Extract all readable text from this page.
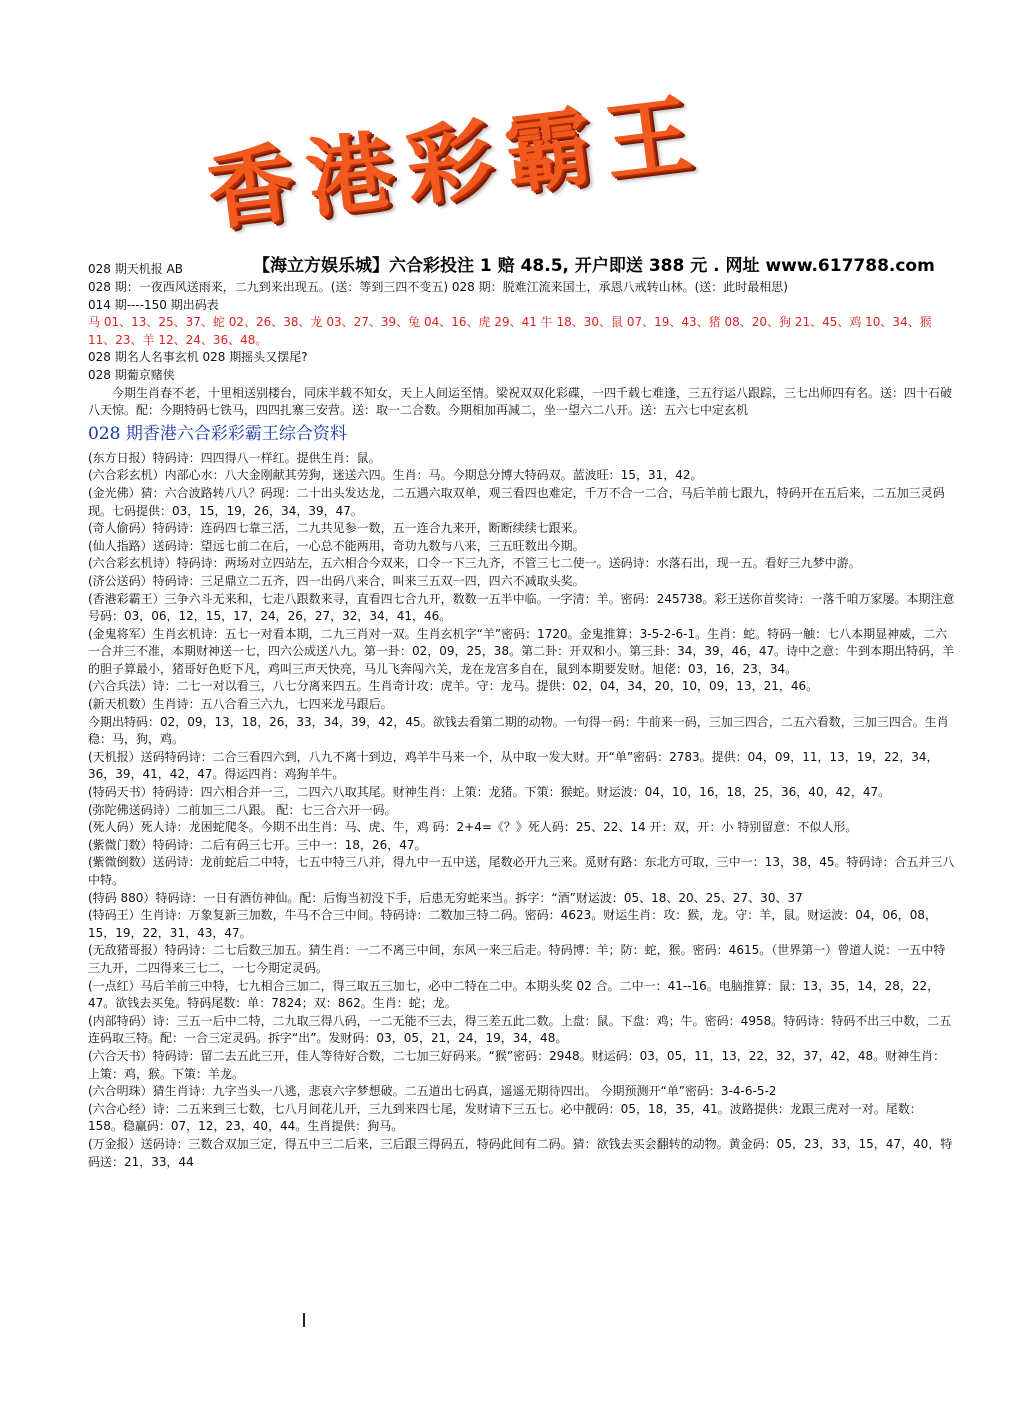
香港彩霸王
028 期天机报 AB	【海立方娱乐城】六合彩投注 1 赔 48.5, 开户即送 388 元 . 网址 www.617788.com

028 期：一夜西风送雨来，二九到来出现五。(送：等到三四不变五) 028 期：脱难江流来国土，承恩八戒转山林。(送：此时最相思)

014 期----150 期出码表

马 01、13、25、37、蛇 02、26、38、龙 03、27、39、兔 04、16、虎 29、41 牛 18、30、鼠 07、19、43、猪 08、20、狗 21、45、鸡 10、34、猴 11、23、羊 12、24、36、48。

028 期名人名事玄机 028 期摇头又摆尾?

028 期葡京赌侠

今期生肖春不老，十里相送别楼台，同床半载不知女，天上人间运至情。梁祝双双化彩碟，一四千载七难逢，三五行运八跟踪，三七出师四有名。送：四十石破八天惊。配：今期特码七铁马，四四扎寨三安营。送：取一二合数。今期相加再减二，坐一望六二八开。送：五六七中定玄机

028 期香港六合彩彩霸王综合资料

(东方日报）特码诗：四四得八一样红。提供生肖：鼠。

(六合彩玄机）内部心水：八大金刚献其劳狗，迷送六四。生肖：马。今期总分博大特码双。蓝波旺：15，31，42。

(金光佛）猜：六合波路转八八？码现：二十出头发达龙，二五遇六取双单，观三看四也难定，千万不合一二合，马后羊前七跟九，特码开在五后来，二五加三灵码现。七码提供：03，15，19，26，34，39，47。

(奇人偷码）特码诗：连码四七靠三活，二九共见参一数，五一连合九来开，断断续续七跟来。

(仙人指路）送码诗：望远七前二在后，一心总不能两用，奇功九数与八来，三五旺数出今期。

(六合彩玄机诗）特码诗：两场对立四站左，五六相合今双来，口令一下三九齐，不管三七二使一。送码诗：水落石出，现一五。看好三九梦中游。

(济公送码）特码诗：三足鼎立二五齐，四一出码八来合，叫来三五双一四，四六不减取头奖。

(香港彩霸王）三争六斗无来和，七走八跟数来寻，直看四七合九开，数数一五半中临。一字清：羊。密码：245738。彩王送你首奖诗：一落千咱万家屡。本期注意号码：03，06，12，15，17，24，26，27，32，34，41，46。

(金鬼将军）生肖玄机诗：五七一对看本期，二九三肖对一双。生肖玄机字“羊”密码：1720。金鬼推算：3-5-2-6-1。生肖：蛇。特码一触：七八本期显神威，二六一合并三不准，本期财神送一七，四六公成送八九。第一卦：02，09，25，38。第二卦：开双和小。第三卦：34，39，46，47。诗中之意：牛到本期出特码，羊的胆子算最小，猪哥好色贬下凡，鸡叫三声天快亮，马儿飞奔闯六关，龙在龙宫多自在，鼠到本期要发财。旭佬：03，16，23，34。

(六合兵法）诗：二七一对以看三，八七分离来四五。生肖奇计攻：虎羊。守：龙马。提供：02，04，34，20，10，09，13，21，46。

(新天机数）生肖诗：五八合看三六九，七四来龙马跟后。

今期出特码：02，09，13，18，26，33，34，39，42，45。欲钱去看第二期的动物。一句得一码：牛前来一码，三加三四合，二五六看数，三加三四合。生肖稳：马，狗，鸡。

(天机报）送码特码诗：二合三看四六到，八九不离十到边，鸡羊牛马来一个，从中取一发大财。开“单”密码：2783。提供：04，09，11，13，19，22，34，36，39，41，42，47。得运四肖：鸡狗羊牛。

(特码天书）特码诗：四六相合并一三，二四六八取其尾。财神生肖：上策：龙猪。下策：猴蛇。财运波：04，10，16，18，25，36，40，42，47。

(弥陀佛送码诗）二前加三二八跟。 配：七三合六开一码。

(死人码）死人诗：龙困蛇爬冬。今期不出生肖：马、虎、牛，鸡 码：2+4=《？》死人码：25、22、14 开：双，开：小 特别留意：不似人形。

(紫微门数）特码诗：二后有码三七开。三中一：18，26，47。

(紫微倒数）送码诗：龙前蛇后二中特，七五中特三八并，得九中一五中送，尾数必开九三来。觅财有路：东北方可取，三中一：13，38，45。特码诗：合五并三八中特。

(特码 880）特码诗：一日有酒仿神仙。配：后悔当初没下手，后患无穷蛇来当。拆字：“酒”财运波：05、18、20、25、27、30、37

(特码王）生肖诗：万象复新三加数，牛马不合三中间。特码诗：二数加三特二码。密码：4623。财运生肖：攻：猴，龙。守：羊，鼠。财运波：04，06，08，15，19，22，31，43，47。

(无敌猪哥报）特码诗：二七后数三加五。猜生肖：一二不离三中间，东风一来三后走。特码博：羊；防：蛇，猴。密码：4615。（世界第一）曾道人说：一五中特三九开，二四得来三七二，一七今期定灵码。

(一点红）马后羊前三中特，七九相合三加二，得三取五三加七，必中二特在二中。本期头奖 02 合。二中一：41--16。电脑推算：鼠：13，35，14，28，22，47。欲钱去买兔。特码尾数：单：7824；双：862。生肖：蛇；龙。

(内部特码）诗：三五一后中二特，二九取三得八码，一二无能不三去，得三差五此二数。上盘：鼠。下盘：鸡；牛。密码：4958。特码诗：特码不出三中数，二五连码取三特。配：一合三定灵码。拆字“出”。发财码：03，05，21，24，19，34，48。

(六合天书）特码诗：留二去五此三开，佳人等待好合数，二七加三好码来。“猴”密码：2948。财运码：03，05，11，13，22，32，37，42，48。财神生肖：上策：鸡，猴。下策：羊龙。

(六合明珠）猜生肖诗：九字当头一八逃，悲哀六字梦想破。二五道出七码真，遥遥无期待四出。 今期预测开“单”密码：3-4-6-5-2

(六合心经）诗：二五来到三七数，七八月间花儿开，三九到来四七尾，发财请下三五七。必中靓码：05，18，35，41。波路提供：龙跟三虎对一对。尾数：158。稳赢码：07，12，23，40，44。生肖提供：狗马。

(万金报）送码诗：三数合双加三定，得五中三二后来，三后跟三得码五，特码此间有二码。猜：欲钱去买会翻转的动物。黄金码：05，23，33，15，47，40，特码送：21，33，44
